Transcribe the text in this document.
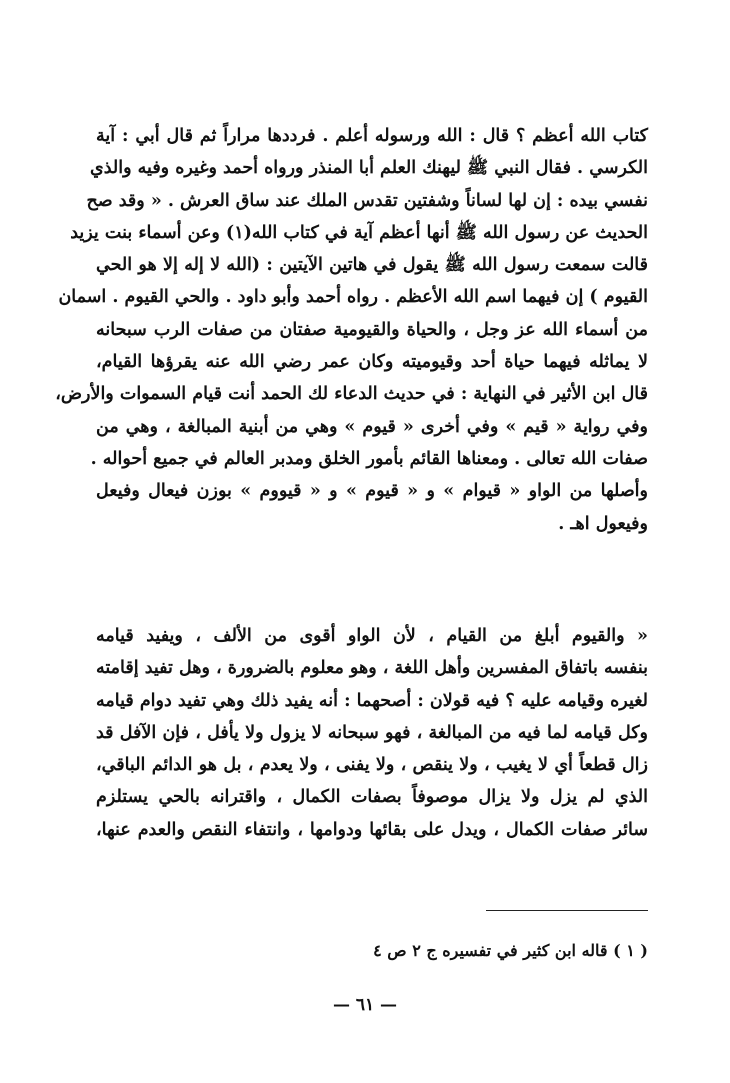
كتاب الله أعظم ؟ قال : الله ورسوله أعلم . فرددها مراراً ثم قال أبي : آية
الكرسي . فقال النبي ﷺ ليهنك العلم أبا المنذر ورواه أحمد وغيره وفيه والذي
نفسي بيده : إن لها لساناً وشفتين تقدس الملك عند ساق العرش . « وقد صح
الحديث عن رسول الله ﷺ أنها أعظم آية في كتاب الله(١) وعن أسماء بنت يزيد
قالت سمعت رسول الله ﷺ يقول في هاتين الآيتين : (الله لا إله إلا هو الحي
القيوم ) إن فيهما اسم الله الأعظم . رواه أحمد وأبو داود . والحي القيوم . اسمان
من أسماء الله عز وجل ، والحياة والقيومية صفتان من صفات الرب سبحانه
لا يماثله فيهما حياة أحد وقيوميته وكان عمر رضي الله عنه يقرؤها القيام،
قال ابن الأثير في النهاية : في حديث الدعاء لك الحمد أنت قيام السموات والأرض،
وفي رواية « قيم » وفي أخرى « قيوم » وهي من أبنية المبالغة ، وهي من
صفات الله تعالى . ومعناها القائم بأمور الخلق ومدبر العالم في جميع أحواله .
وأصلها من الواو « قيوام » و « قيوم » و « قيووم » بوزن فيعال وفيعل
وفيعول اهـ .
« والقيوم أبلغ من القيام ، لأن الواو أقوى من الألف ، ويفيد قيامه
بنفسه باتفاق المفسرين وأهل اللغة ، وهو معلوم بالضرورة ، وهل تفيد إقامته
لغيره وقيامه عليه ؟ فيه قولان : أصحهما : أنه يفيد ذلك وهي تفيد دوام قيامه
وكل قيامه لما فيه من المبالغة ، فهو سبحانه لا يزول ولا يأفل ، فإن الآفل قد
زال قطعاً أي لا يغيب ، ولا ينقص ، ولا يفنى ، ولا يعدم ، بل هو الدائم الباقي،
الذي لم يزل ولا يزال موصوفاً بصفات الكمال ، واقترانه بالحي يستلزم
سائر صفات الكمال ، ويدل على بقائها ودوامها ، وانتفاء النقص والعدم عنها،
( ١ ) قاله ابن كثير في تفسيره ج ٢ ص ٤
— ٦١ —
